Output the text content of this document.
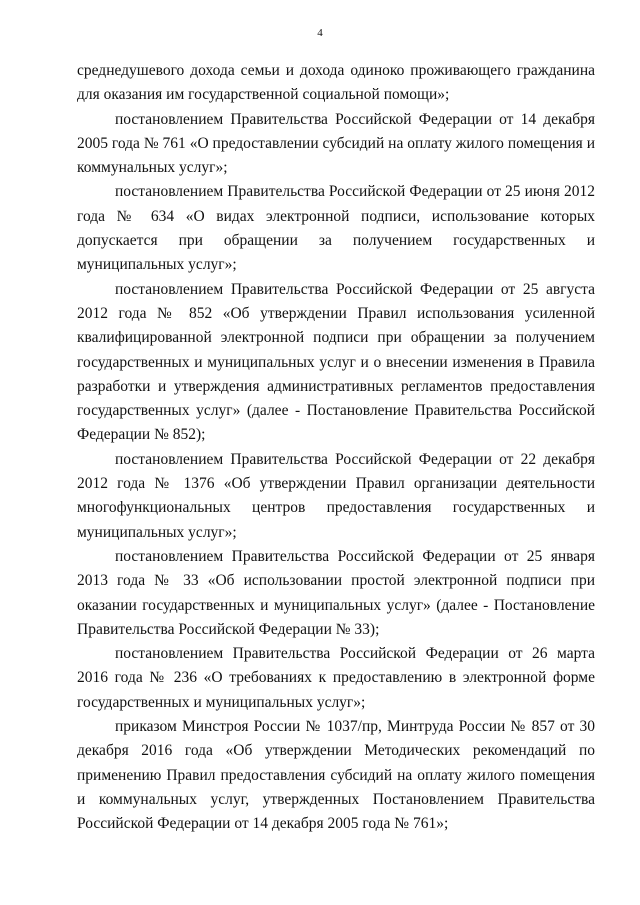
4

среднедушевого дохода семьи и дохода одиноко проживающего гражданина для оказания им государственной социальной помощи»;

постановлением Правительства Российской Федерации от 14 декабря 2005 года № 761 «О предоставлении субсидий на оплату жилого помещения и коммунальных услуг»;

постановлением Правительства Российской Федерации от 25 июня 2012 года № 634 «О видах электронной подписи, использование которых допускается при обращении за получением государственных и муниципальных услуг»;

постановлением Правительства Российской Федерации от 25 августа 2012 года № 852 «Об утверждении Правил использования усиленной квалифицированной электронной подписи при обращении за получением государственных и муниципальных услуг и о внесении изменения в Правила разработки и утверждения административных регламентов предоставления государственных услуг» (далее - Постановление Правительства Российской Федерации № 852);

постановлением Правительства Российской Федерации от 22 декабря 2012 года № 1376 «Об утверждении Правил организации деятельности многофункциональных центров предоставления государственных и муниципальных услуг»;

постановлением Правительства Российской Федерации от 25 января 2013 года № 33 «Об использовании простой электронной подписи при оказании государственных и муниципальных услуг» (далее - Постановление Правительства Российской Федерации № 33);

постановлением Правительства Российской Федерации от 26 марта 2016 года № 236 «О требованиях к предоставлению в электронной форме государственных и муниципальных услуг»;

приказом Минстроя России № 1037/пр, Минтруда России № 857 от 30 декабря 2016 года «Об утверждении Методических рекомендаций по применению Правил предоставления субсидий на оплату жилого помещения и коммунальных услуг, утвержденных Постановлением Правительства Российской Федерации от 14 декабря 2005 года № 761»;
